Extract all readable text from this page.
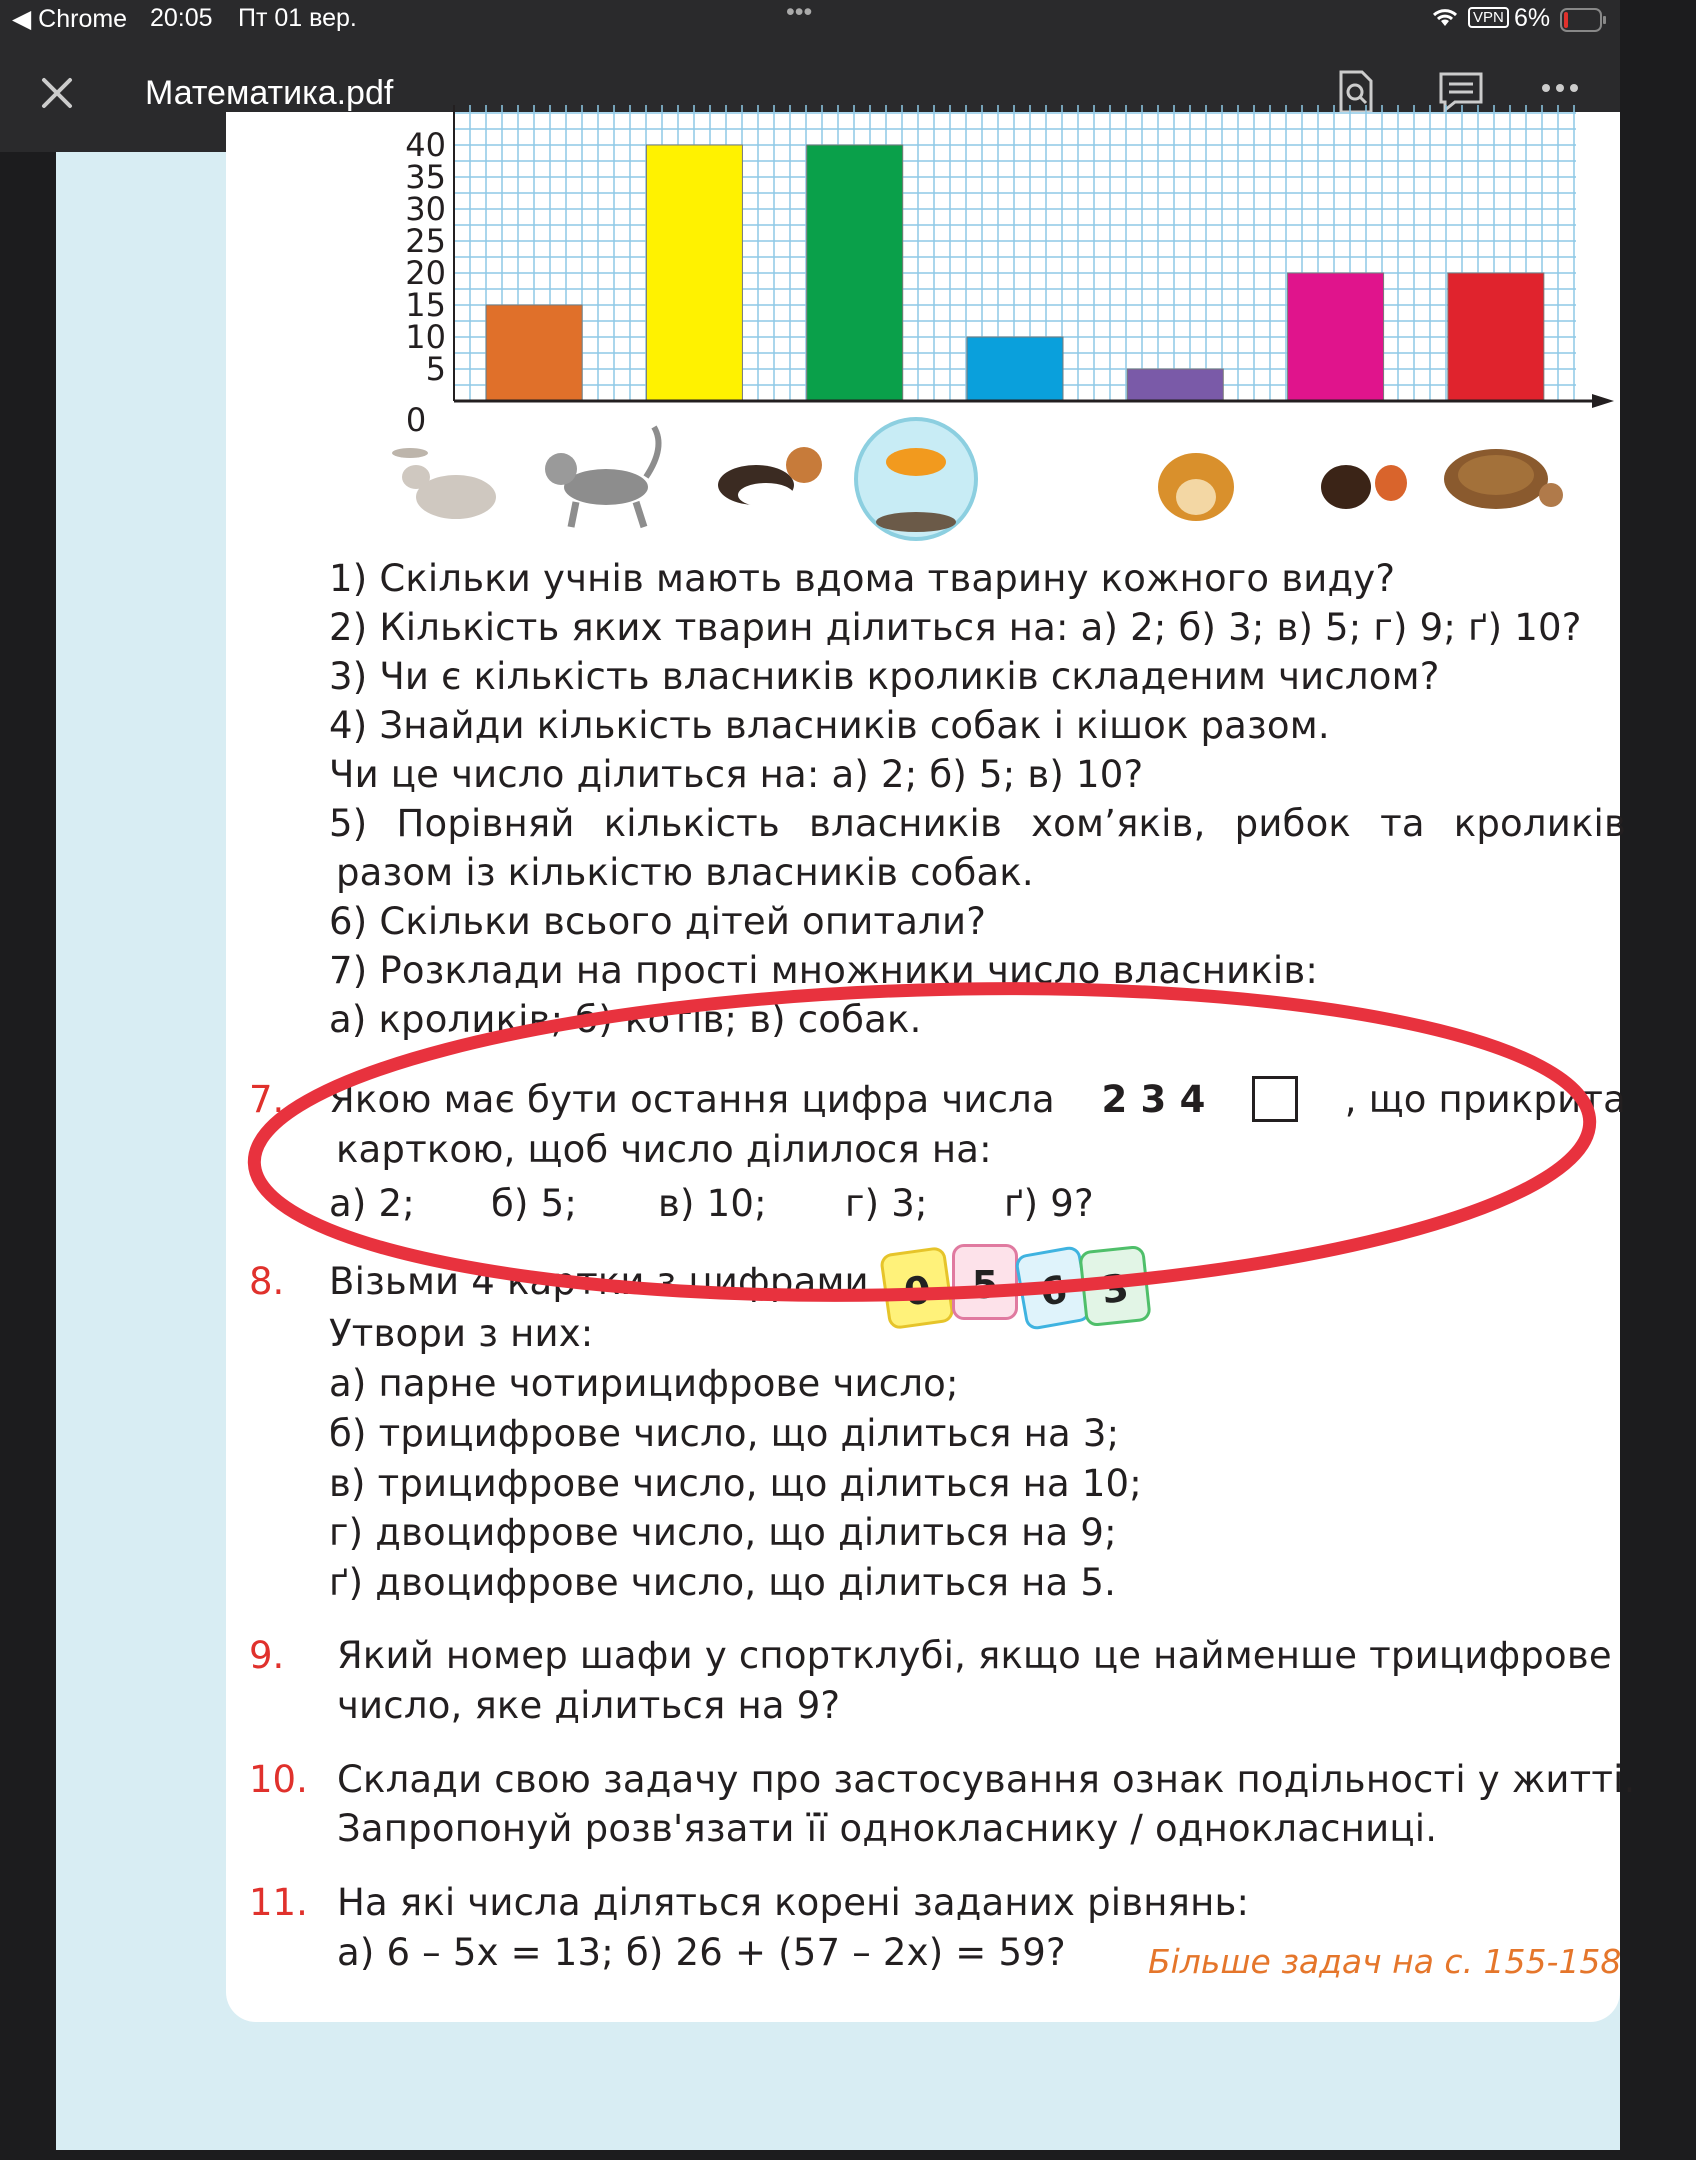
◀ Chrome 20:05 Пт 01 вер.	•••	VPN 6%
Математика.pdf
40
35
30
25
20
15
10
5
0
1) Скільки учнів мають вдома тварину кожного виду?
2) Кількість яких тварин ділиться на: а) 2; б) 3; в) 5; г) 9; ґ) 10?
3) Чи є кількість власників кроликів складеним числом?
4) Знайди кількість власників собак і кішок разом.
Чи це число ділиться на: а) 2; б) 5; в) 10?
5) Порівняй кількість власників хом’яків, рибок та кроликів
разом із кількістю власників собак.
6) Скільки всього дітей опитали?
7) Розклади на прості множники число власників:
а) кроликів; б) котів; в) собак.
7. Якою має бути остання цифра числа 2 3 4	, що прикрита
карткою, щоб число ділилося на:
а) 2; б) 5; в) 10; г) 3; ґ) 9?
8. Візьми 4 картки з цифрами 0	5	6 3
Утвори з них:
а) парне чотирицифрове число;
б) трицифрове число, що ділиться на 3;
в) трицифрове число, що ділиться на 10;
г) двоцифрове число, що ділиться на 9;
ґ) двоцифрове число, що ділиться на 5.
9. Який номер шафи у спортклубі, якщо це найменше трицифрове
число, яке ділиться на 9?
10. Склади свою задачу про застосування ознак подільності у житті.
Запропонуй розв'язати її однокласнику / однокласниці.
11. На які числа діляться корені заданих рівнянь:
а) 6 – 5x = 13; б) 26 + (57 – 2x) = 59? Більше задач на с. 155-158
